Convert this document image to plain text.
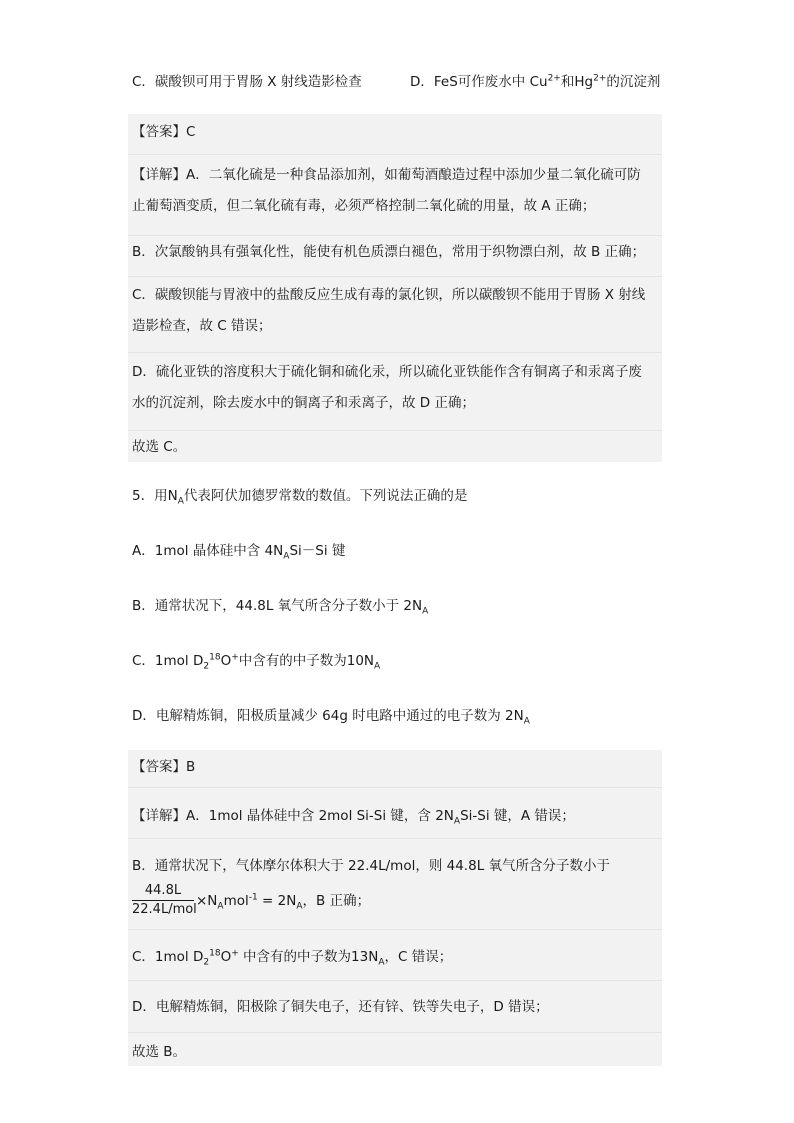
C．碳酸钡可用于胃肠 X 射线造影检查	D．FeS可作废水中 $Cu^{2+}$和$Hg^{2+}$的沉淀剂
【答案】C
【详解】A．二氧化硫是一种食品添加剂，如葡萄酒酿造过程中添加少量二氧化硫可防
止葡萄酒变质，但二氧化硫有毒，必须严格控制二氧化硫的用量，故 A 正确；
B．次氯酸钠具有强氧化性，能使有机色质漂白褪色，常用于织物漂白剂，故 B 正确；
C．碳酸钡能与胃液中的盐酸反应生成有毒的氯化钡，所以碳酸钡不能用于胃肠 X 射线
造影检查，故 C 错误；
D．硫化亚铁的溶度积大于硫化铜和硫化汞，所以硫化亚铁能作含有铜离子和汞离子废
水的沉淀剂，除去废水中的铜离子和汞离子，故 D 正确；
故选 C。
5．用$N_A$代表阿伏加德罗常数的数值。下列说法正确的是
A．1mol 晶体硅中含 $4N_ASi-Si$ 键
B．通常状况下，44.8L 氧气所含分子数小于 $2N_A$
C．1mol $D_2^{18}O^+$中含有的中子数为$10N_A$
D．电解精炼铜，阳极质量减少 64g 时电路中通过的电子数为 $2N_A$
【答案】B
【详解】A．1mol 晶体硅中含 2mol Si-Si 键，含 $2N_ASi-Si$ 键，A 错误；
B．通常状况下，气体摩尔体积大于 22.4L/mol，则 44.8L 氧气所含分子数小于
44.8L
22.4L/mol
$\times N_Amol^{-1} = 2N_A$，B 正确；
C．1mol $D_2^{18}O^+$ 中含有的中子数为$13N_A$，C 错误；
D．电解精炼铜，阳极除了铜失电子，还有锌、铁等失电子，D 错误；
故选 B。
